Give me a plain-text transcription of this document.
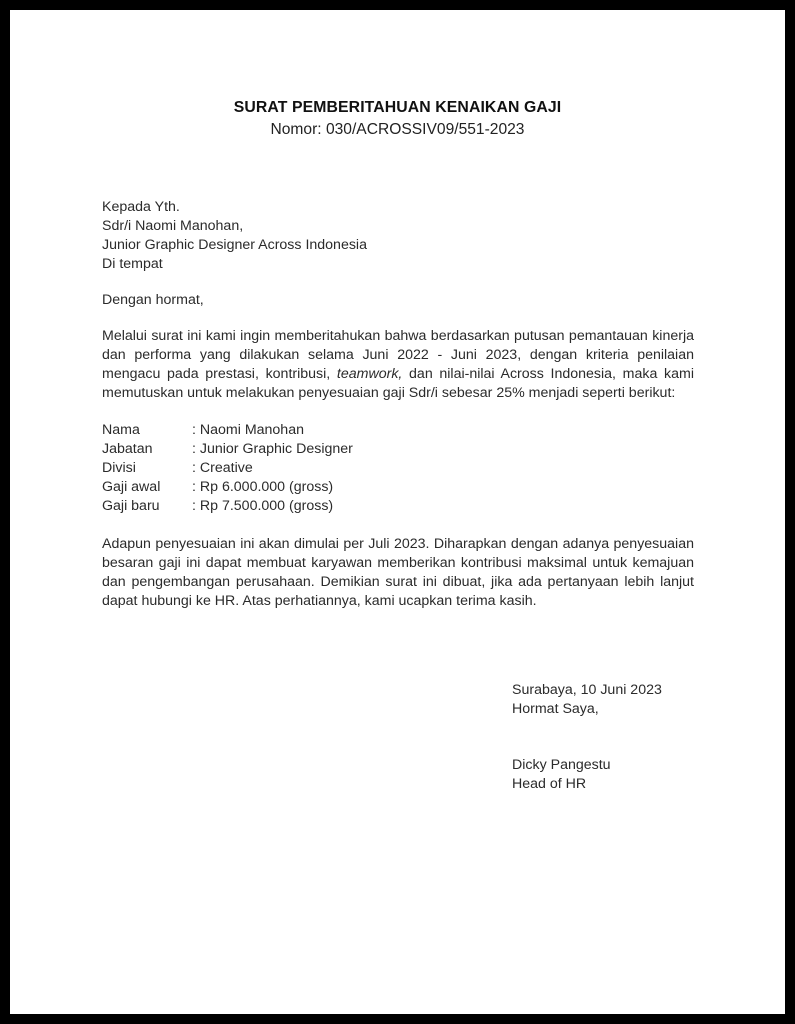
SURAT PEMBERITAHUAN KENAIKAN GAJI
Nomor: 030/ACROSSIV09/551-2023
Kepada Yth.
Sdr/i Naomi Manohan,
Junior Graphic Designer Across Indonesia
Di tempat
Dengan hormat,
Melalui surat ini kami ingin memberitahukan bahwa berdasarkan putusan pemantauan kinerja dan performa yang dilakukan selama Juni 2022 - Juni 2023, dengan kriteria penilaian mengacu pada prestasi, kontribusi, teamwork, dan nilai-nilai Across Indonesia, maka kami memutuskan untuk melakukan penyesuaian gaji Sdr/i sebesar 25% menjadi seperti berikut:
Nama	: Naomi Manohan
Jabatan	: Junior Graphic Designer
Divisi	: Creative
Gaji awal	: Rp 6.000.000 (gross)
Gaji baru	: Rp 7.500.000 (gross)
Adapun penyesuaian ini akan dimulai per Juli 2023. Diharapkan dengan adanya penyesuaian besaran gaji ini dapat membuat karyawan memberikan kontribusi maksimal untuk kemajuan dan pengembangan perusahaan. Demikian surat ini dibuat, jika ada pertanyaan lebih lanjut dapat hubungi ke HR. Atas perhatiannya, kami ucapkan terima kasih.
Surabaya, 10 Juni 2023
Hormat Saya,
Dicky Pangestu
Head of HR
